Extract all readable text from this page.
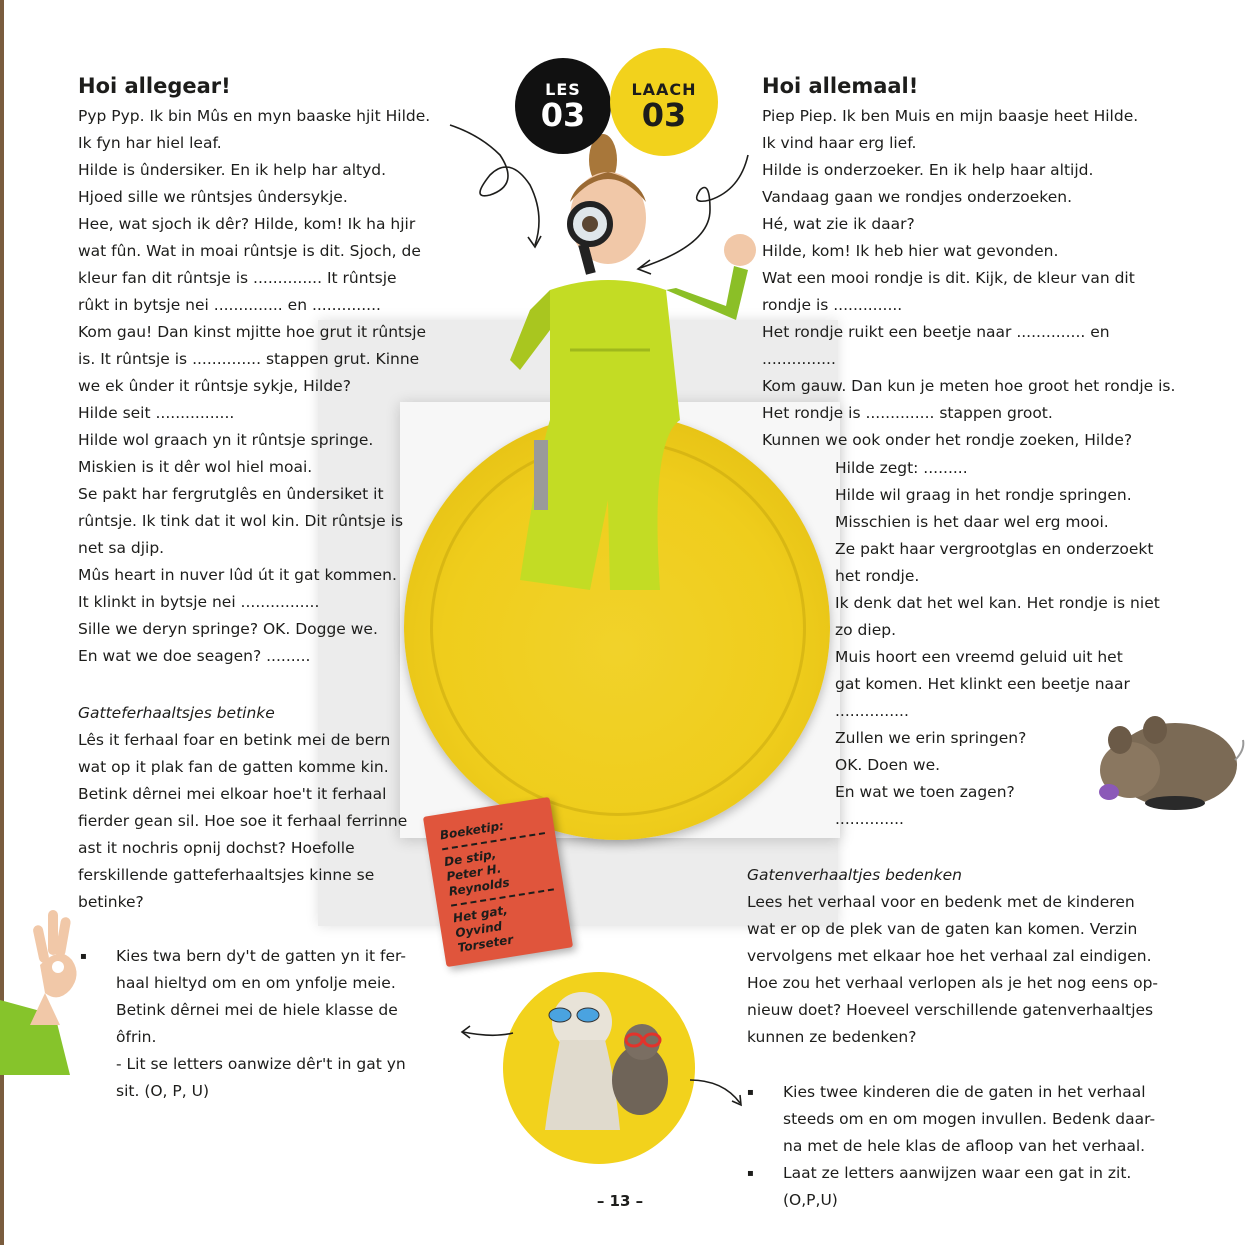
LES
03
LAACH
03
Hoi allegear!
Pyp Pyp. Ik bin Mûs en myn baaske hjit Hilde.
Ik fyn har hiel leaf.
Hilde is ûndersiker. En ik help har altyd.
Hjoed sille we rûntsjes ûndersykje.
Hee, wat sjoch ik dêr? Hilde, kom! Ik ha hjir
wat fûn. Wat in moai rûntsje is dit. Sjoch, de
kleur fan dit rûntsje is .............. It rûntsje
rûkt in bytsje nei .............. en ..............
Kom gau! Dan kinst mjitte hoe grut it rûntsje
is. It rûntsje is .............. stappen grut. Kinne
we ek ûnder it rûntsje sykje, Hilde?
Hilde seit ................
Hilde wol graach yn it rûntsje springe.
Miskien is it dêr wol hiel moai.
Se pakt har fergrutglês en ûndersiket it
rûntsje. Ik tink dat it wol kin. Dit rûntsje is
net sa djip.
Mûs heart in nuver lûd út it gat kommen.
It klinkt in bytsje nei ................
Sille we deryn springe? OK. Dogge we.
En wat we doe seagen? .........
Gatteferhaaltsjes betinke
Lês it ferhaal foar en betink mei de bern
wat op it plak fan de gatten komme kin.
Betink dêrnei mei elkoar hoe't it ferhaal
fierder gean sil. Hoe soe it ferhaal ferrinne
ast it nochris opnij dochst? Hoefolle
ferskillende gatteferhaaltsjes kinne se
betinke?
▪ Kies twa bern dy't de gatten yn it fer-
haal hieltyd om en om ynfolje meie.
Betink dêrnei mei de hiele klasse de
ôfrin.
- Lit se letters oanwize dêr't in gat yn
sit. (O, P, U)
Hoi allemaal!
Piep Piep. Ik ben Muis en mijn baasje heet Hilde.
Ik vind haar erg lief.
Hilde is onderzoeker. En ik help haar altijd.
Vandaag gaan we rondjes onderzoeken.
Hé, wat zie ik daar?
Hilde, kom! Ik heb hier wat gevonden.
Wat een mooi rondje is dit. Kijk, de kleur van dit
rondje is ..............
Het rondje ruikt een beetje naar .............. en
...............
Kom gauw. Dan kun je meten hoe groot het rondje is.
Het rondje is .............. stappen groot.
Kunnen we ook onder het rondje zoeken, Hilde?
Hilde zegt: .........
Hilde wil graag in het rondje springen.
Misschien is het daar wel erg mooi.
Ze pakt haar vergrootglas en onderzoekt
het rondje.
Ik denk dat het wel kan. Het rondje is niet
zo diep.
Muis hoort een vreemd geluid uit het
gat komen. Het klinkt een beetje naar
...............
Zullen we erin springen?
OK. Doen we.
En wat we toen zagen?
..............
Gatenverhaaltjes bedenken
Lees het verhaal voor en bedenk met de kinderen
wat er op de plek van de gaten kan komen. Verzin
vervolgens met elkaar hoe het verhaal zal eindigen.
Hoe zou het verhaal verlopen als je het nog eens op-
nieuw doet? Hoeveel verschillende gatenverhaaltjes
kunnen ze bedenken?
▪ Kies twee kinderen die de gaten in het verhaal
steeds om en om mogen invullen. Bedenk daar-
na met de hele klas de afloop van het verhaal.
▪ Laat ze letters aanwijzen waar een gat in zit.
(O,P,U)
Boeketip:
De stip,
Peter H.
Reynolds
Het gat, Oyvind
Torseter
– 13 –
